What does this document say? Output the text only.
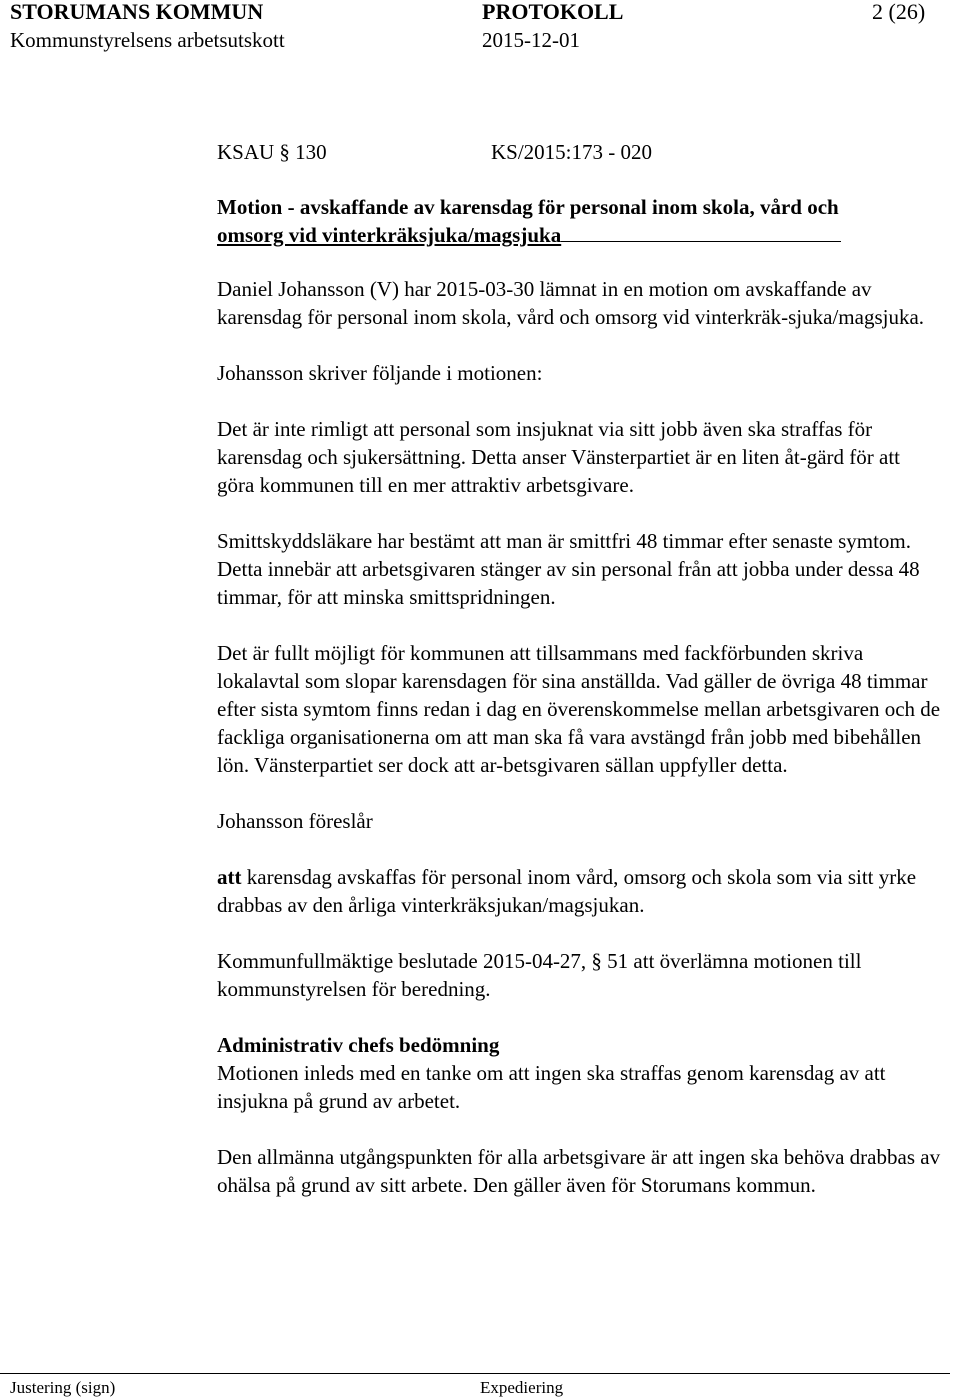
STORUMANS KOMMUN	PROTOKOLL	2 (26)
Kommunstyrelsens arbetsutskott	2015-12-01
KSAU § 130	KS/2015:173 - 020

Motion - avskaffande av karensdag för personal inom skola, vård och
omsorg vid vinterkräksjuka/magsjuka

Daniel Johansson (V) har 2015-03-30 lämnat in en motion om avskaffande av karensdag för personal inom skola, vård och omsorg vid vinterkräk-sjuka/magsjuka.

Johansson skriver följande i motionen:

Det är inte rimligt att personal som insjuknat via sitt jobb även ska straffas för karensdag och sjukersättning. Detta anser Vänsterpartiet är en liten åt-gärd för att göra kommunen till en mer attraktiv arbetsgivare.

Smittskyddsläkare har bestämt att man är smittfri 48 timmar efter senaste symtom. Detta innebär att arbetsgivaren stänger av sin personal från att jobba under dessa 48 timmar, för att minska smittspridningen.

Det är fullt möjligt för kommunen att tillsammans med fackförbunden skriva lokalavtal som slopar karensdagen för sina anställda. Vad gäller de övriga 48 timmar efter sista symtom finns redan i dag en överenskommelse mellan arbetsgivaren och de fackliga organisationerna om att man ska få vara avstängd från jobb med bibehållen lön. Vänsterpartiet ser dock att ar-betsgivaren sällan uppfyller detta.

Johansson föreslår

att karensdag avskaffas för personal inom vård, omsorg och skola som via sitt yrke drabbas av den årliga vinterkräksjukan/magsjukan.

Kommunfullmäktige beslutade 2015-04-27, § 51 att överlämna motionen till kommunstyrelsen för beredning.

Administrativ chefs bedömning

Motionen inleds med en tanke om att ingen ska straffas genom karensdag av att insjukna på grund av arbetet.

Den allmänna utgångspunkten för alla arbetsgivare är att ingen ska behöva drabbas av ohälsa på grund av sitt arbete. Den gäller även för Storumans kommun.

Justering (sign)	Expediering
